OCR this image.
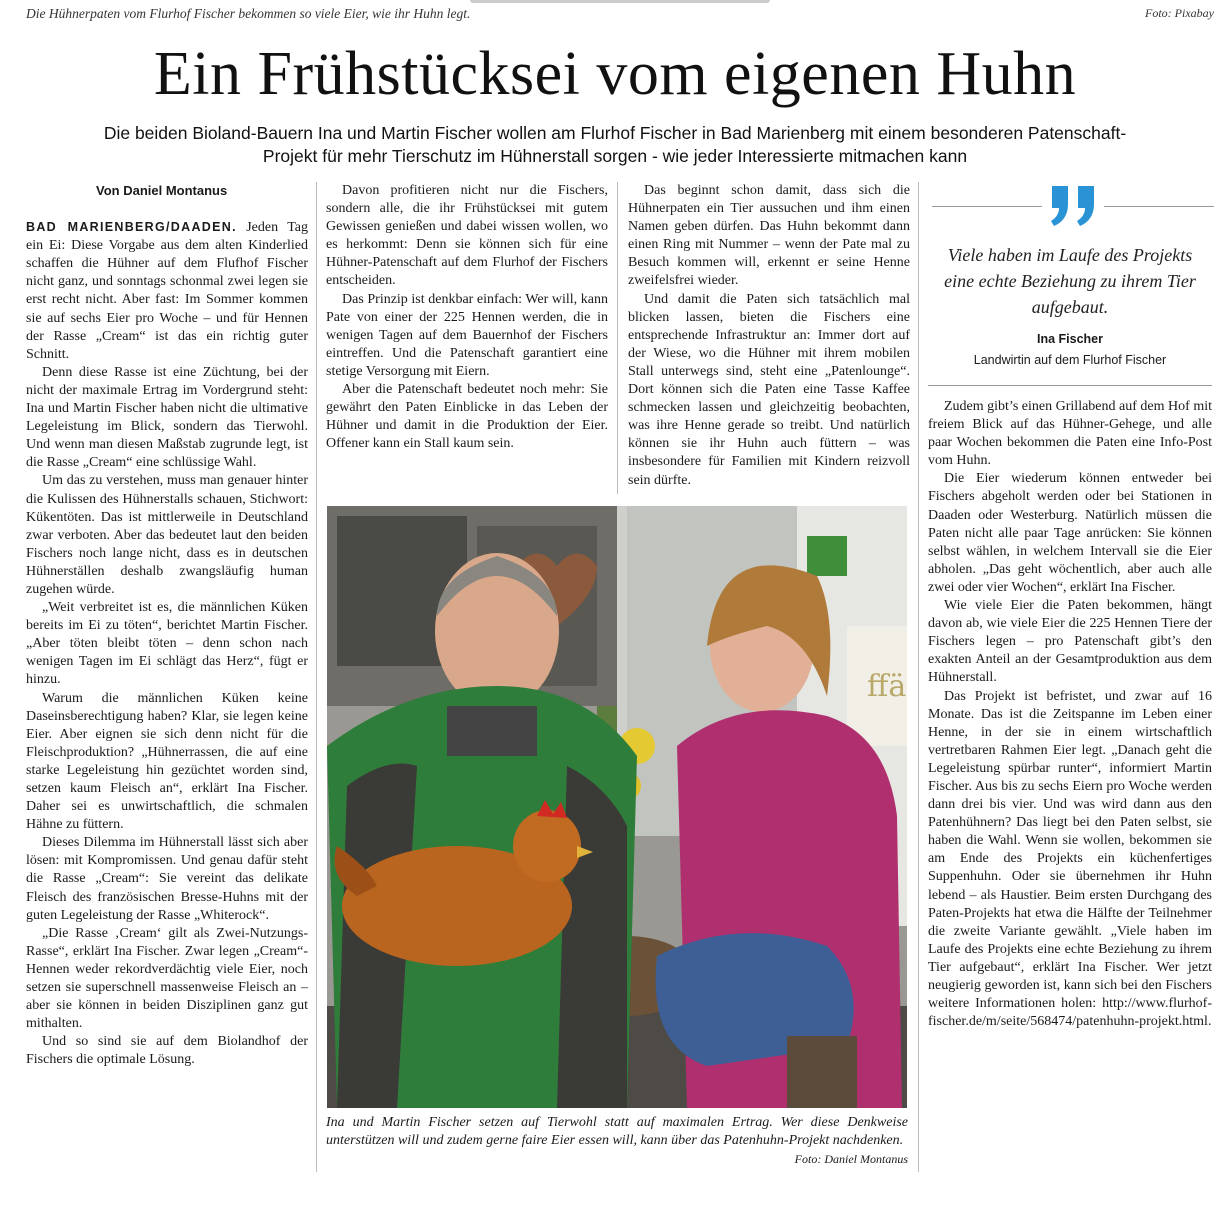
Die Hühnerpaten vom Flurhof Fischer bekommen so viele Eier, wie ihr Huhn legt.	Foto: Pixabay
Ein Frühstücksei vom eigenen Huhn
Die beiden Bioland-Bauern Ina und Martin Fischer wollen am Flurhof Fischer in Bad Marienberg mit einem besonderen Patenschaft-Projekt für mehr Tierschutz im Hühnerstall sorgen - wie jeder Interessierte mitmachen kann
Von Daniel Montanus

BAD MARIENBERG/DAADEN. Jeden Tag ein Ei: Diese Vorgabe aus dem alten Kinderlied schaffen die Hühner auf dem Flufhof Fischer nicht ganz, und sonntags schonmal zwei legen sie erst recht nicht. Aber fast: Im Sommer kommen sie auf sechs Eier pro Woche – und für Hennen der Rasse „Cream“ ist das ein richtig guter Schnitt.

Denn diese Rasse ist eine Züchtung, bei der nicht der maximale Ertrag im Vordergrund steht: Ina und Martin Fischer haben nicht die ultimative Legeleistung im Blick, sondern das Tierwohl. Und wenn man diesen Maßstab zugrunde legt, ist die Rasse „Cream“ eine schlüssige Wahl.

Um das zu verstehen, muss man genauer hinter die Kulissen des Hühnerstalls schauen, Stichwort: Kükentöten. Das ist mittlerweile in Deutschland zwar verboten. Aber das bedeutet laut den beiden Fischers noch lange nicht, dass es in deutschen Hühnerställen deshalb zwangsläufig human zugehen würde.

„Weit verbreitet ist es, die männlichen Küken bereits im Ei zu töten“, berichtet Martin Fischer. „Aber töten bleibt töten – denn schon nach wenigen Tagen im Ei schlägt das Herz“, fügt er hinzu.

Warum die männlichen Küken keine Daseinsberechtigung haben? Klar, sie legen keine Eier. Aber eignen sie sich denn nicht für die Fleischproduktion? „Hühnerrassen, die auf eine starke Legeleistung hin gezüchtet worden sind, setzen kaum Fleisch an“, erklärt Ina Fischer. Daher sei es unwirtschaftlich, die schmalen Hähne zu füttern.

Dieses Dilemma im Hühnerstall lässt sich aber lösen: mit Kompromissen. Und genau dafür steht die Rasse „Cream“: Sie vereint das delikate Fleisch des französischen Bresse-Huhns mit der guten Legeleistung der Rasse „Whiterock“.

„Die Rasse ‚Cream‘ gilt als Zwei-Nutzungs-Rasse“, erklärt Ina Fischer. Zwar legen „Cream“-Hennen weder rekordverdächtig viele Eier, noch setzen sie superschnell massenweise Fleisch an – aber sie können in beiden Disziplinen ganz gut mithalten.

Und so sind sie auf dem Biolandhof der Fischers die optimale Lösung.

Davon profitieren nicht nur die Fischers, sondern alle, die ihr Frühstücksei mit gutem Gewissen genießen und dabei wissen wollen, wo es herkommt: Denn sie können sich für eine Hühner-Patenschaft auf dem Flurhof der Fischers entscheiden.

Das Prinzip ist denkbar einfach: Wer will, kann Pate von einer der 225 Hennen werden, die in wenigen Tagen auf dem Bauernhof der Fischers eintreffen. Und die Patenschaft garantiert eine stetige Versorgung mit Eiern.

Aber die Patenschaft bedeutet noch mehr: Sie gewährt den Paten Einblicke in das Leben der Hühner und damit in die Produktion der Eier. Offener kann ein Stall kaum sein.

Das beginnt schon damit, dass sich die Hühnerpaten ein Tier aussuchen und ihm einen Namen geben dürfen. Das Huhn bekommt dann einen Ring mit Nummer – wenn der Pate mal zu Besuch kommen will, erkennt er seine Henne zweifelsfrei wieder.

Und damit die Paten sich tatsächlich mal blicken lassen, bieten die Fischers eine entsprechende Infrastruktur an: Immer dort auf der Wiese, wo die Hühner mit ihrem mobilen Stall unterwegs sind, steht eine „Patenlounge“. Dort können sich die Paten eine Tasse Kaffee schmecken lassen und gleichzeitig beobachten, was ihre Henne gerade so treibt. Und natürlich können sie ihr Huhn auch füttern – was insbesondere für Familien mit Kindern reizvoll sein dürfte.

Viele haben im Laufe des Projekts eine echte Beziehung zu ihrem Tier aufgebaut.
Ina Fischer
Landwirtin auf dem Flurhof Fischer

Zudem gibt’s einen Grillabend auf dem Hof mit freiem Blick auf das Hühner-Gehege, und alle paar Wochen bekommen die Paten eine Info-Post vom Huhn.

Die Eier wiederum können entweder bei Fischers abgeholt werden oder bei Stationen in Daaden oder Westerburg. Natürlich müssen die Paten nicht alle paar Tage anrücken: Sie können selbst wählen, in welchem Intervall sie die Eier abholen. „Das geht wöchentlich, aber auch alle zwei oder vier Wochen“, erklärt Ina Fischer.

Wie viele Eier die Paten bekommen, hängt davon ab, wie viele Eier die 225 Hennen Tiere der Fischers legen – pro Patenschaft gibt’s den exakten Anteil an der Gesamtproduktion aus dem Hühnerstall.

Das Projekt ist befristet, und zwar auf 16 Monate. Das ist die Zeitspanne im Leben einer Henne, in der sie in einem wirtschaftlich vertretbaren Rahmen Eier legt. „Danach geht die Legeleistung spürbar runter“, informiert Martin Fischer. Aus bis zu sechs Eiern pro Woche werden dann drei bis vier. Und was wird dann aus den Patenhühnern? Das liegt bei den Paten selbst, sie haben die Wahl. Wenn sie wollen, bekommen sie am Ende des Projekts ein küchenfertiges Suppenhuhn. Oder sie übernehmen ihr Huhn lebend – als Haustier. Beim ersten Durchgang des Paten-Projekts hat etwa die Hälfte der Teilnehmer die zweite Variante gewählt. „Viele haben im Laufe des Projekts eine echte Beziehung zu ihrem Tier aufgebaut“, erklärt Ina Fischer. Wer jetzt neugierig geworden ist, kann sich bei den Fischers weitere Informationen holen: http://www.flurhof-fischer.de/m/seite/568474/patenhuhn-projekt.html.

ffä
Ina und Martin Fischer setzen auf Tierwohl statt auf maximalen Ertrag. Wer diese Denkweise unterstützen will und zudem gerne faire Eier essen will, kann über das Patenhuhn-Projekt nachdenken.
Foto: Daniel Montanus
